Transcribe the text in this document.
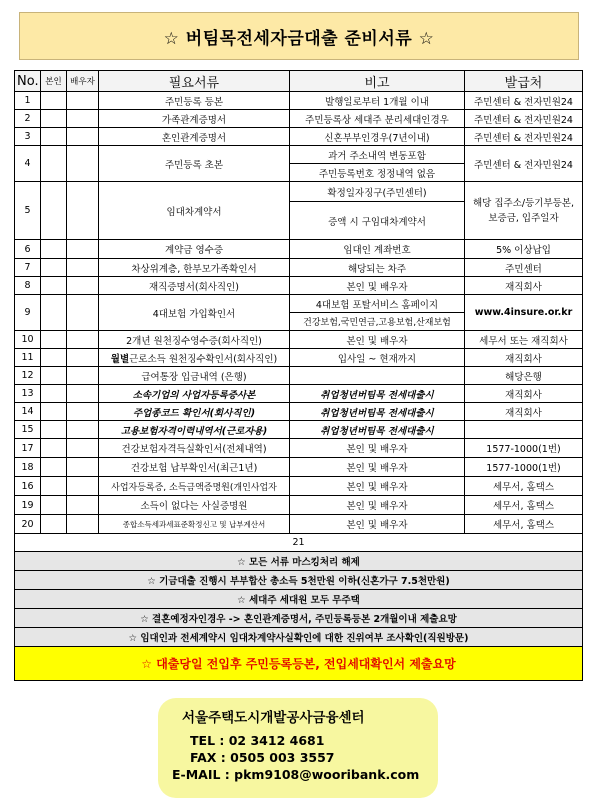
☆ 버팀목전세자금대출 준비서류 ☆
No.	본인	배우자	필요서류	비고	발급처
1			주민등록 등본	발행일로부터 1개월 이내	주민센터 & 전자민원24
2			가족관계증명서	주민등록상 세대주 분리세대인경우	주민센터 & 전자민원24
3			혼인관계증명서	신혼부부인경우(7년이내)	주민센터 & 전자민원24
4			주민등록 초본	과거 주소내역 변동포함	주민센터 & 전자민원24
				주민등록번호 정정내역 없음	
5			임대차계약서	확정일자징구(주민센터)	해당 집주소/등기부등본,
보증금, 입주일자

				증액 시 구임대차계약서	
6			계약금 영수증	임대인 계좌번호	5% 이상납입
7			차상위계층, 한부모가족확인서	해당되는 차주	주민센터
8			재직증명서(회사직인)	본인 및 배우자	재직회사
9			4대보험 가입확인서	4대보험 포탈서비스 홈페이지	www.4insure.or.kr
				건강보험,국민연금,고용보험,산재보험	
10			2개년 원천징수영수증(회사직인)	본인 및 배우자	세무서 또는 재직회사
11			월별근로소득 원천징수확인서(회사직인)	입사일 ~ 현재까지	재직회사
12			급여통장 입금내역 (은행)		해당은행
13			소속기업의 사업자등록증사본	취업청년버팀목 전세대출시	재직회사
14			주업종코드 확인서(회사직인)	취업청년버팀목 전세대출시	재직회사
15			고용보험자격이력내역서(근로자용)	취업청년버팀목 전세대출시	
17			건강보험자격득실확인서(전체내역)	본인 및 배우자	1577-1000(1번)
18			건강보험 납부확인서(최근1년)	본인 및 배우자	1577-1000(1번)
16			사업자등록증, 소득금액증명원(개인사업자	본인 및 배우자	세무서, 홈택스
19			소득이 없다는 사실증명원	본인 및 배우자	세무서, 홈택스
20			종합소득세과세표준확정신고 및 납부계산서	본인 및 배우자	세무서, 홈택스
21					
☆ 모든 서류 마스킹처리 해제					
☆ 기금대출 진행시 부부합산 총소득 5천만원 이하(신혼가구 7.5천만원)					
☆ 세대주 세대원 모두 무주택					
☆ 결혼예정자인경우 -> 혼인관계증명서, 주민등록등본 2개월이내 제출요망					
☆ 임대인과 전세계약시 임대차계약사실확인에 대한 진위여부 조사확인(직원방문)					
☆ 대출당일 전입후 주민등록등본, 전입세대확인서 제출요망					
서울주택도시개발공사금융센터
TEL : 02 3412 4681
FAX : 0505 003 3557
E-MAIL : pkm9108@wooribank.com
